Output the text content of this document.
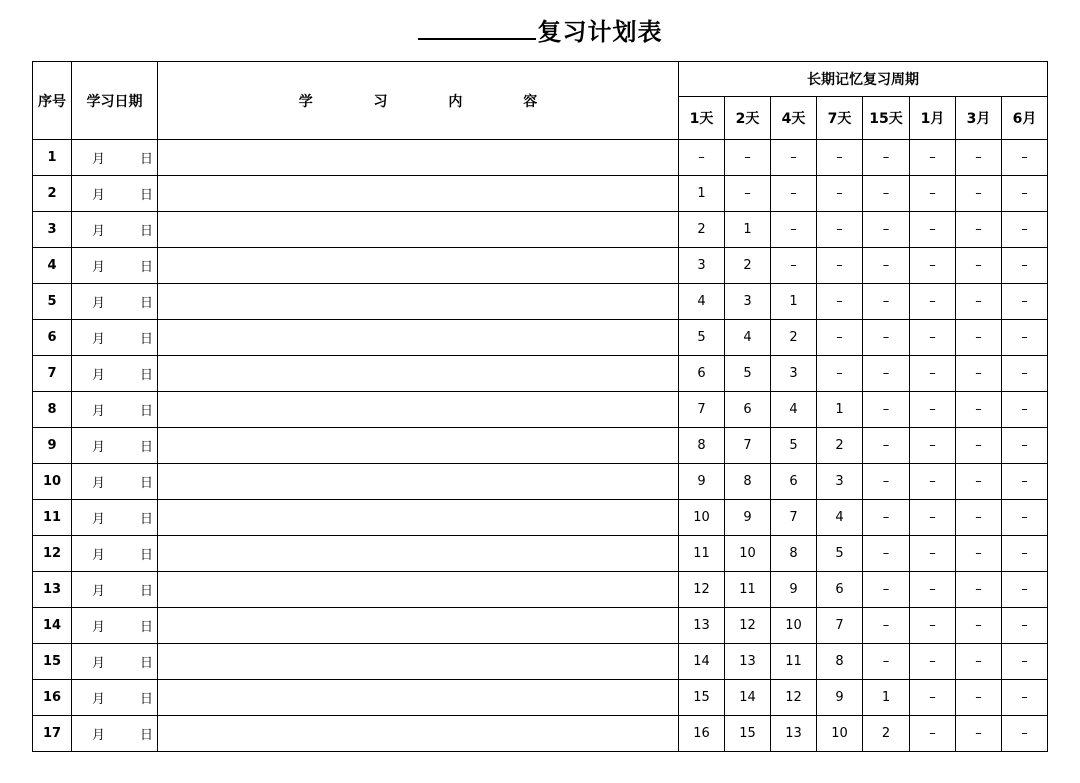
复习计划表
序号	学习日期	学 习 内 容	长期记忆复习周期							
			1天	2天	4天	7天	15天	1月	3月	6月
1	月 日		–	–	–	–	–	–	–	–
2	月 日		1	–	–	–	–	–	–	–
3	月 日		2	1	–	–	–	–	–	–
4	月 日		3	2	–	–	–	–	–	–
5	月 日		4	3	1	–	–	–	–	–
6	月 日		5	4	2	–	–	–	–	–
7	月 日		6	5	3	–	–	–	–	–
8	月 日		7	6	4	1	–	–	–	–
9	月 日		8	7	5	2	–	–	–	–
10	月 日		9	8	6	3	–	–	–	–
11	月 日		10	9	7	4	–	–	–	–
12	月 日		11	10	8	5	–	–	–	–
13	月 日		12	11	9	6	–	–	–	–
14	月 日		13	12	10	7	–	–	–	–
15	月 日		14	13	11	8	–	–	–	–
16	月 日		15	14	12	9	1	–	–	–
17	月 日		16	15	13	10	2	–	–	–
